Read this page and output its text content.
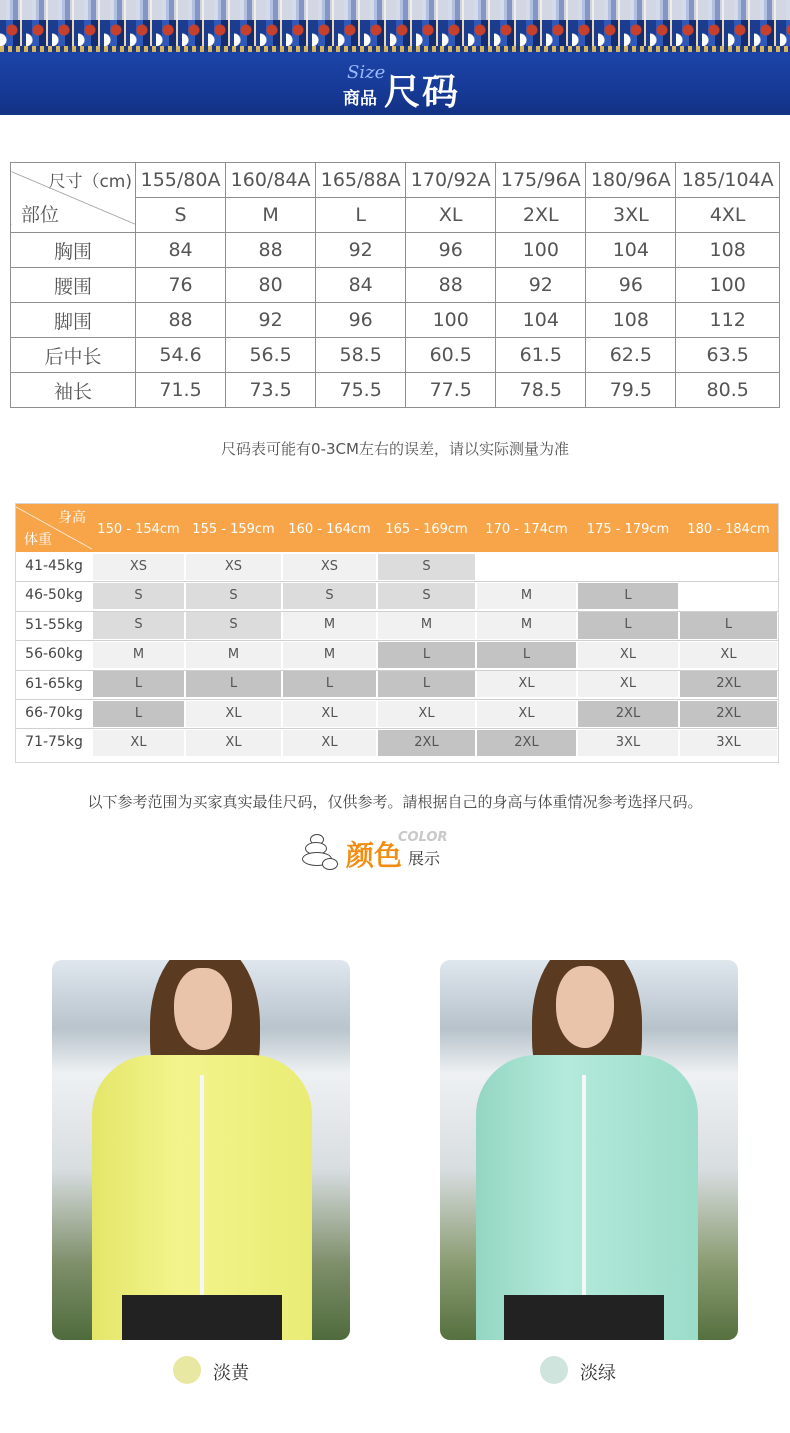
Size
商品 尺码
尺寸（cm)
部位	155/80A	160/84A	165/88A	170/92A	175/96A	180/96A	185/104A
	S	M	L	XL	2XL	3XL	4XL
胸围	84	88	92	96	100	104	108
腰围	76	80	84	88	92	96	100
脚围	88	92	96	100	104	108	112
后中长	54.6	56.5	58.5	60.5	61.5	62.5	63.5
袖长	71.5	73.5	75.5	77.5	78.5	79.5	80.5
尺码表可能有0-3CM左右的误差，请以实际测量为准
身高
体重
150 - 154cm 155 - 159cm	160 - 164cm	165 - 169cm	170 - 174cm	175 - 179cm	180 - 184cm
41-45kg	XS	XS	XS	S
46-50kg	S	S	S	S	M	L
51-55kg	S	S	M	M	M	L	L
56-60kg	M	M	M	L	L	XL	XL
61-65kg	L	L	L	L	XL	XL	2XL
66-70kg	L	XL	XL	XL	XL	2XL	2XL
71-75kg	XL	XL	XL	2XL	2XL	3XL	3XL
以下参考范围为买家真实最佳尺码，仅供参考。請根据自己的身高与体重情况参考选择尺码。
COLOR
颜色 展示
淡黄	淡绿
